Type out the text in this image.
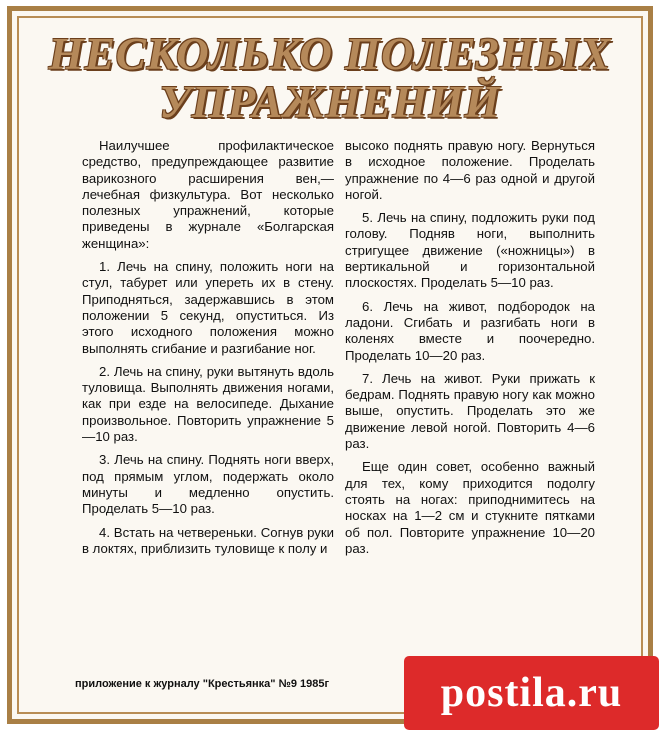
НЕСКОЛЬКО ПОЛЕЗНЫХ УПРАЖНЕНИЙ

Наилучшее профилактическое средство, предупреждающее развитие варикозного расширения вен,— лечебная физкультура. Вот несколько полезных упражнений, которые приведены в журнале «Болгарская женщина»:

1. Лечь на спину, положить ноги на стул, табурет или упереть их в стену. Приподняться, задержавшись в этом положении 5 секунд, опуститься. Из этого исходного положения можно выполнять сгибание и разгибание ног.

2. Лечь на спину, руки вытянуть вдоль туловища. Выполнять движения ногами, как при езде на велосипеде. Дыхание произвольное. Повторить упражнение 5—10 раз.

3. Лечь на спину. Поднять ноги вверх, под прямым углом, подержать около минуты и медленно опустить. Проделать 5—10 раз.

4. Встать на четвереньки. Согнув руки в локтях, приблизить туловище к полу и

высоко поднять правую ногу. Вернуться в исходное положение. Проделать упражнение по 4—6 раз одной и другой ногой.

5. Лечь на спину, подложить руки под голову. Подняв ноги, выполнить стригущее движение («ножницы») в вертикальной и горизонтальной плоскостях. Проделать 5—10 раз.

6. Лечь на живот, подбородок на ладони. Сгибать и разгибать ноги в коленях вместе и поочередно. Проделать 10—20 раз.

7. Лечь на живот. Руки прижать к бедрам. Поднять правую ногу как можно выше, опустить. Проделать это же движение левой ногой. Повторить 4—6 раз.

Еще один совет, особенно важный для тех, кому приходится подолгу стоять на ногах: приподнимитесь на носках на 1—2 см и стукните пятками об пол. Повторите упражнение 10—20 раз.

приложение к журналу "Крестьянка" №9 1985г	postila.ru
